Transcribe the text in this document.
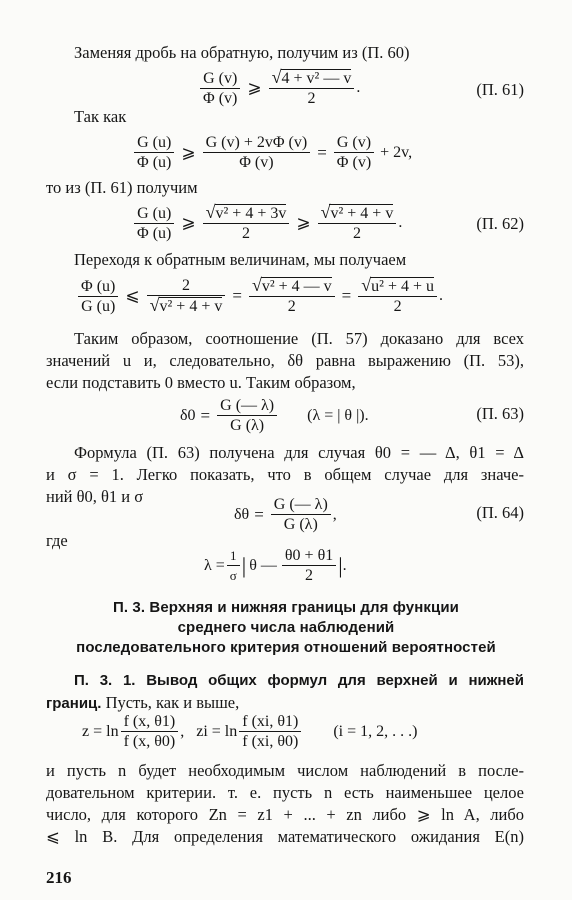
Заменяя дробь на обратную, получим из (П. 60)
$\frac{G (v)}{\Phi (v)}$ ⩾ $\frac{\text{√4 + v² — v}}{2}$ .	(П. 61)
Так как
$\frac{G (u)}{\Phi (u)}$ ⩾ $\frac{G (v) + 2v\Phi (v)}{\Phi (v)} = \frac{G (v)}{\Phi (v)} + 2v$,
то из (П. 61) получим
$\frac{G (u)}{\Phi (u)}$ ⩾ $\frac{\text{√v² + 4 + 3v}}{2}$ ⩾ $\frac{\text{√v² + 4 + v}}{2}$ .	(П. 62)
Переходя к обратным величинам, мы получаем
$\frac{\Phi (u)}{G (u)}$ ⩽ $\frac{2}{\text{√v² + 4 + v}} = \frac{\text{√v² + 4 — v}}{2} = \frac{\text{√u² + 4 + u}}{2}$ .
Таким образом, соотношение (П. 57) доказано для всех
значений u и, следовательно, δθ равна выражению (П. 53),
если подставить 0 вместо u. Таким образом,
$\delta 0 = \frac{G (— \lambda)}{G (\lambda)} (\lambda$ = | θ |).	(П. 63)
Формула (П. 63) получена для случая θ0 = — Δ, θ1 = Δ
и σ = 1. Легко показать, что в общем случае для значе-
ний θ0, θ1 и σ
$\delta\theta = \frac{G (— \lambda)}{G (\lambda)}$ ,	(П. 64)
где
$\lambda = \frac{1}{\sigma}$ | θ — $\frac{\theta 0 + \theta 1}{2}$ | .
П. 3. Верхняя и нижняя границы для функции
среднего числа наблюдений
последовательного критерия отношений вероятностей
П. 3. 1. Вывод общих формул для верхней и нижней
границ. Пусть, как и выше,
$z = \ln \frac{f (x, \theta 1)}{f (x, \theta 0)}$ , zi = $\ln \frac{f (xi, \theta 1)}{f (xi, \theta 0)} (i = 1$, 2, . . .)
и пусть n будет необходимым числом наблюдений в после-
довательном критерии. т. е. пусть n есть наименьшее целое
число, для которого Zn = z1 + ... + zn либо ⩾ ln A, либо
⩽ ln B. Для определения математического ожидания E(n)
216
